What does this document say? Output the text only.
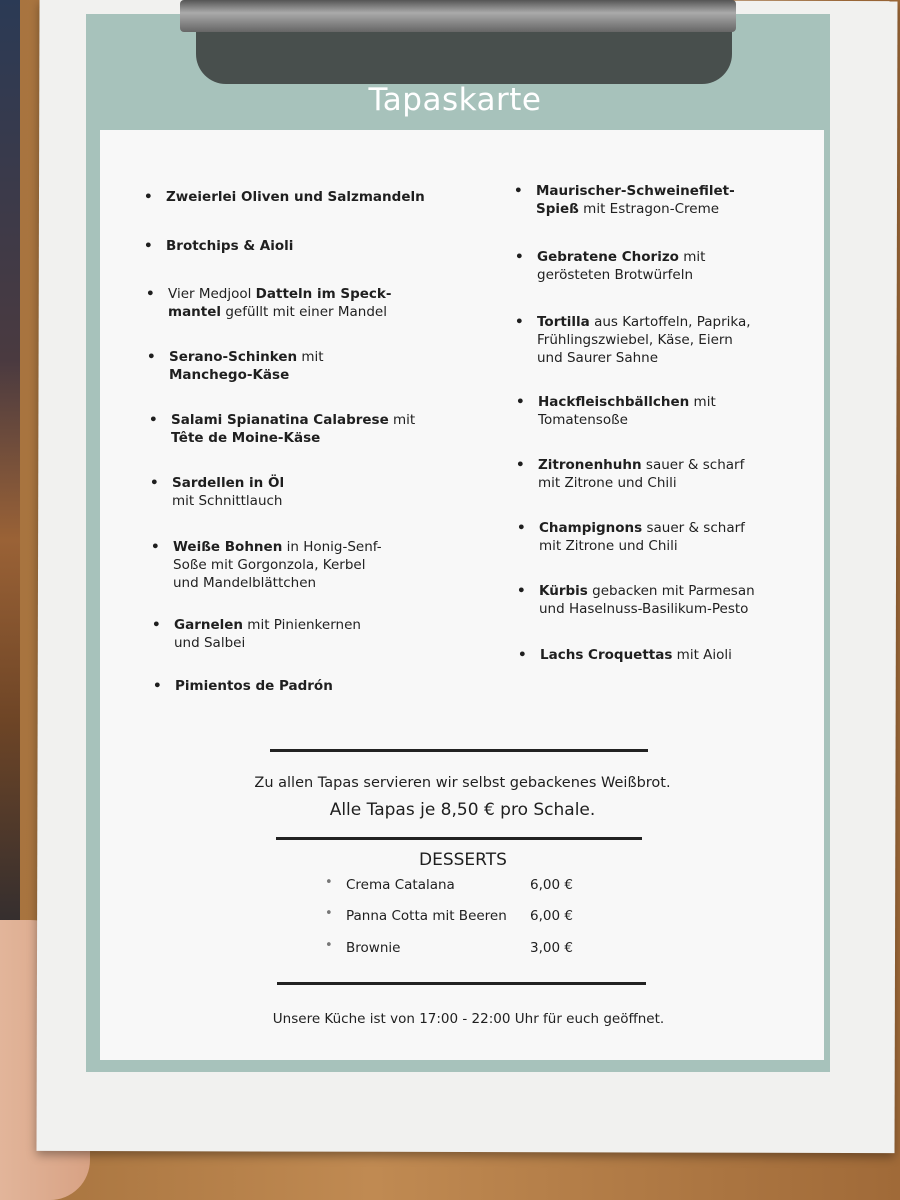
Tapaskarte
• Zweierlei Oliven und Salzmandeln
• Brotchips & Aioli
• Vier Medjool Datteln im Speck-
mantel gefüllt mit einer Mandel
• Serano-Schinken mit
Manchego-Käse
• Salami Spianatina Calabrese mit
Tête de Moine-Käse
• Sardellen in Öl
mit Schnittlauch
• Weiße Bohnen in Honig-Senf-
Soße mit Gorgonzola, Kerbel
und Mandelblättchen
• Garnelen mit Pinienkernen
und Salbei
• Pimientos de Padrón
• Maurischer-Schweinefilet-
Spieß mit Estragon-Creme
• Gebratene Chorizo mit
gerösteten Brotwürfeln
• Tortilla aus Kartoffeln, Paprika,
Frühlingszwiebel, Käse, Eiern
und Saurer Sahne
• Hackfleischbällchen mit
Tomatensoße
• Zitronenhuhn sauer & scharf
mit Zitrone und Chili
• Champignons sauer & scharf
mit Zitrone und Chili
• Kürbis gebacken mit Parmesan
und Haselnuss-Basilikum-Pesto
• Lachs Croquettas mit Aioli
Zu allen Tapas servieren wir selbst gebackenes Weißbrot.
Alle Tapas je 8,50 € pro Schale.
DESSERTS
• Crema Catalana	6,00 €
• Panna Cotta mit Beeren 6,00 €
• Brownie	3,00 €
Unsere Küche ist von 17:00 - 22:00 Uhr für euch geöffnet.
